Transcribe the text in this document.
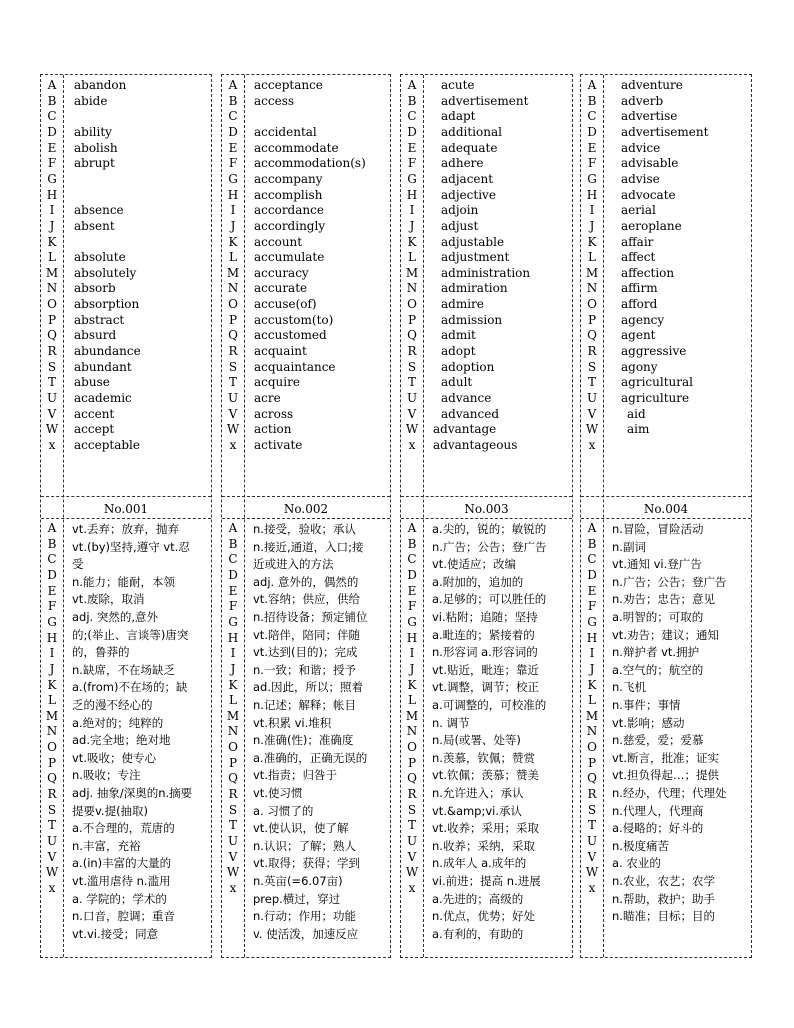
A
B
C
D
E
F
G
H
I
J
K
L
M
N
O
P
Q
R
S
T
U
V
W
x
A
B
C
D
E
F
G
H
I
J
K
L
M
N
O
P
Q
R
S
T
U
V
W
x
abandon
abide
ability
abolish
abrupt
absence
absent
absolute
absolutely
absorb
absorption
abstract
absurd
abundance
abundant
abuse
academic
accent
accept
acceptable
No.001
vt.丢弃；放弃，抛弃
vt.(by)坚持,遵守 vt.忍
受
n.能力；能耐，本领
vt.废除，取消
adj. 突然的,意外
的;(举止、言谈等)唐突
的，鲁莽的
n.缺席，不在场缺乏
a.(from)不在场的；缺
乏的漫不经心的
a.绝对的；纯粹的
ad.完全地；绝对地
vt.吸收；使专心
n.吸收；专注
adj. 抽象/深奥的n.摘要
提要v.提(抽取)
a.不合理的，荒唐的
n.丰富，充裕
a.(in)丰富的大量的
vt.滥用虐待 n.滥用
a. 学院的；学术的
n.口音，腔调；重音
vt.vi.接受；同意
A
B
C
D
E
F
G
H
I
J
K
L
M
N
O
P
Q
R
S
T
U
V
W
x
A
B
C
D
E
F
G
H
I
J
K
L
M
N
O
P
Q
R
S
T
U
V
W
x
acceptance
access
accidental
accommodate
accommodation(s)
accompany
accomplish
accordance
accordingly
account
accumulate
accuracy
accurate
accuse(of)
accustom(to)
accustomed
acquaint
acquaintance
acquire
acre
across
action
activate
No.002
n.接受，验收；承认
n.接近,通道，入口;接
近或进入的方法
adj. 意外的，偶然的
vt.容纳；供应，供给
n.招待设备；预定铺位
vt.陪伴，陪同；伴随
vt.达到(目的)；完成
n.一致；和谐；授予
ad.因此，所以；照着
n.记述；解释；帐目
vt.积累 vi.堆积
n.准确(性)；准确度
a.准确的，正确无误的
vt.指责；归咎于
vt.使习惯
a. 习惯了的
vt.使认识，使了解
n.认识；了解；熟人
vt.取得；获得；学到
n.英亩(=6.07亩)
prep.横过，穿过
n.行动；作用；功能
v. 使活泼，加速反应
A
B
C
D
E
F
G
H
I
J
K
L
M
N
O
P
Q
R
S
T
U
V
W
x
A
B
C
D
E
F
G
H
I
J
K
L
M
N
O
P
Q
R
S
T
U
V
W
x
acute
advertisement
adapt
additional
adequate
adhere
adjacent
adjective
adjoin
adjust
adjustable
adjustment
administration
admiration
admire
admission
admit
adopt
adoption
adult
advance
advanced
advantage
advantageous
No.003
a.尖的，锐的；敏锐的
n.广告；公告；登广告
vt.使适应；改编
a.附加的，追加的
a.足够的；可以胜任的
vi.粘附；追随；坚持
a.毗连的；紧接着的
n.形容词 a.形容词的
vt.贴近，毗连；靠近
vt.调整，调节；校正
a.可调整的，可校准的
n. 调节
n.局(或署、处等)
n.羡慕，钦佩；赞赏
vt.钦佩；羡慕；赞美
n.允许进入；承认
vt.&amp;vi.承认
vt.收养；采用；采取
n.收养；采纳，采取
n.成年人 a.成年的
vi.前进；提高 n.进展
a.先进的；高级的
n.优点，优势；好处
a.有利的，有助的
A
B
C
D
E
F
G
H
I
J
K
L
M
N
O
P
Q
R
S
T
U
V
W
x
A
B
C
D
E
F
G
H
I
J
K
L
M
N
O
P
Q
R
S
T
U
V
W
x
adventure
adverb
advertise
advertisement
advice
advisable
advise
advocate
aerial
aeroplane
affair
affect
affection
affirm
afford
agency
agent
aggressive
agony
agricultural
agriculture
aid
aim
No.004
n.冒险，冒险活动
n.副词
vt.通知 vi.登广告
n.广告；公告；登广告
n.劝告；忠告；意见
a.明智的；可取的
vt.劝告；建议；通知
n.辩护者 vt.拥护
a.空气的；航空的
n.飞机
n.事件；事情
vt.影响；感动
n.慈爱，爱；爱慕
vt.断言，批准；证实
vt.担负得起…；提供
n.经办，代理；代理处
n.代理人，代理商
a.侵略的；好斗的
n.极度痛苦
a. 农业的
n.农业，农艺；农学
n.帮助，救护；助手
n.瞄准；目标；目的
